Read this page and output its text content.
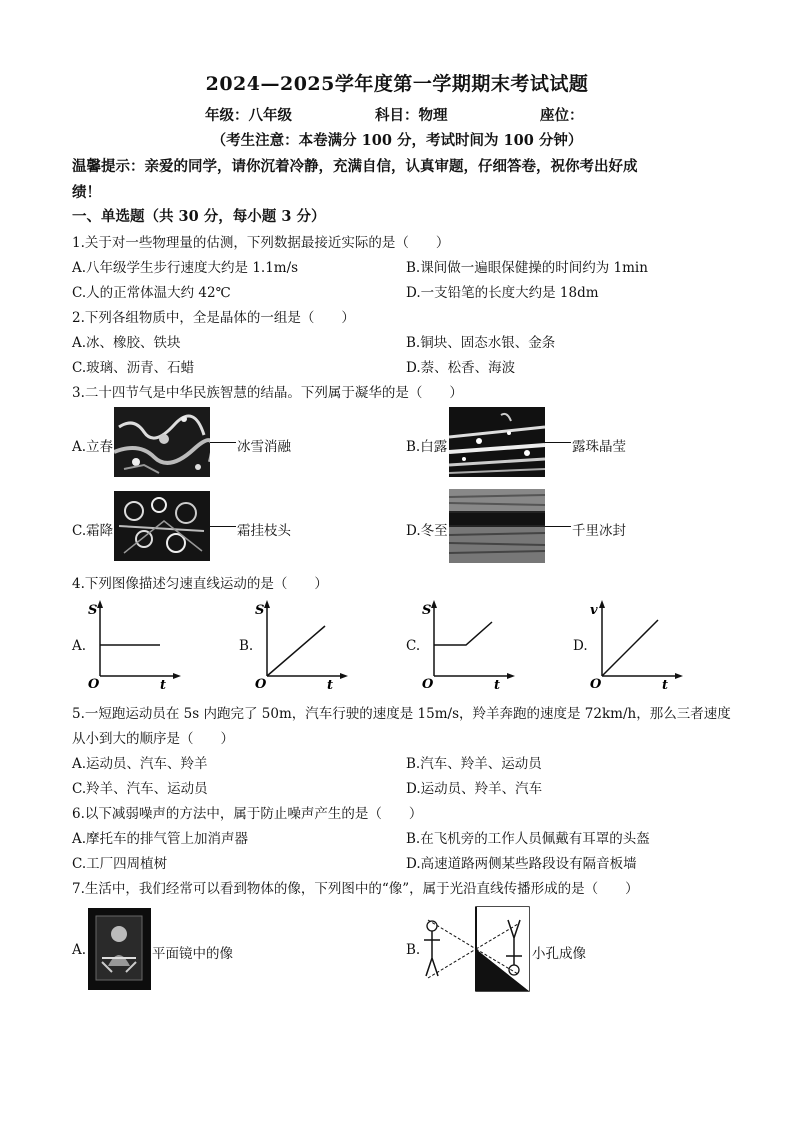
2024—2025学年度第一学期期末考试试题
年级：八年级	科目：物理	座位：
（考生注意：本卷满分 100 分，考试时间为 100 分钟）
温馨提示：亲爱的同学，请你沉着冷静，充满自信，认真审题，仔细答卷，祝你考出好成
绩！
一、单选题（共 30 分，每小题 3 分）
1.关于对一些物理量的估测，下列数据最接近实际的是（　　）
A.八年级学生步行速度大约是 1.1m/s	B.课间做一遍眼保健操的时间约为 1min
C.人的正常体温大约 42℃	D.一支铅笔的长度大约是 18dm
2.下列各组物质中，全是晶体的一组是（　　）
A.冰、橡胶、铁块	B.铜块、固态水银、金条
C.玻璃、沥青、石蜡	D.萘、松香、海波
3.二十四节气是中华民族智慧的结晶。下列属于凝华的是（　　）
A.立春	冰雪消融	B.白露	露珠晶莹
C.霜降	霜挂枝头	D.冬至	千里冰封
4.下列图像描述匀速直线运动的是（　　）
A.
S
O	t
B.
S
O	t
C.
S
O	t
D.
v
O	t
5.一短跑运动员在 5s 内跑完了 50m，汽车行驶的速度是 15m/s，羚羊奔跑的速度是 72km/h，那么三者速度
从小到大的顺序是（　　）
A.运动员、汽车、羚羊	B.汽车、羚羊、运动员
C.羚羊、汽车、运动员	D.运动员、羚羊、汽车
6.以下减弱噪声的方法中，属于防止噪声产生的是（　　）
A.摩托车的排气管上加消声器	B.在飞机旁的工作人员佩戴有耳罩的头盔
C.工厂四周植树	D.高速道路两侧某些路段设有隔音板墙
7.生活中，我们经常可以看到物体的像，下列图中的“像”，属于光沿直线传播形成的是（　　）
A.	平面镜中的像	B.	小孔成像
